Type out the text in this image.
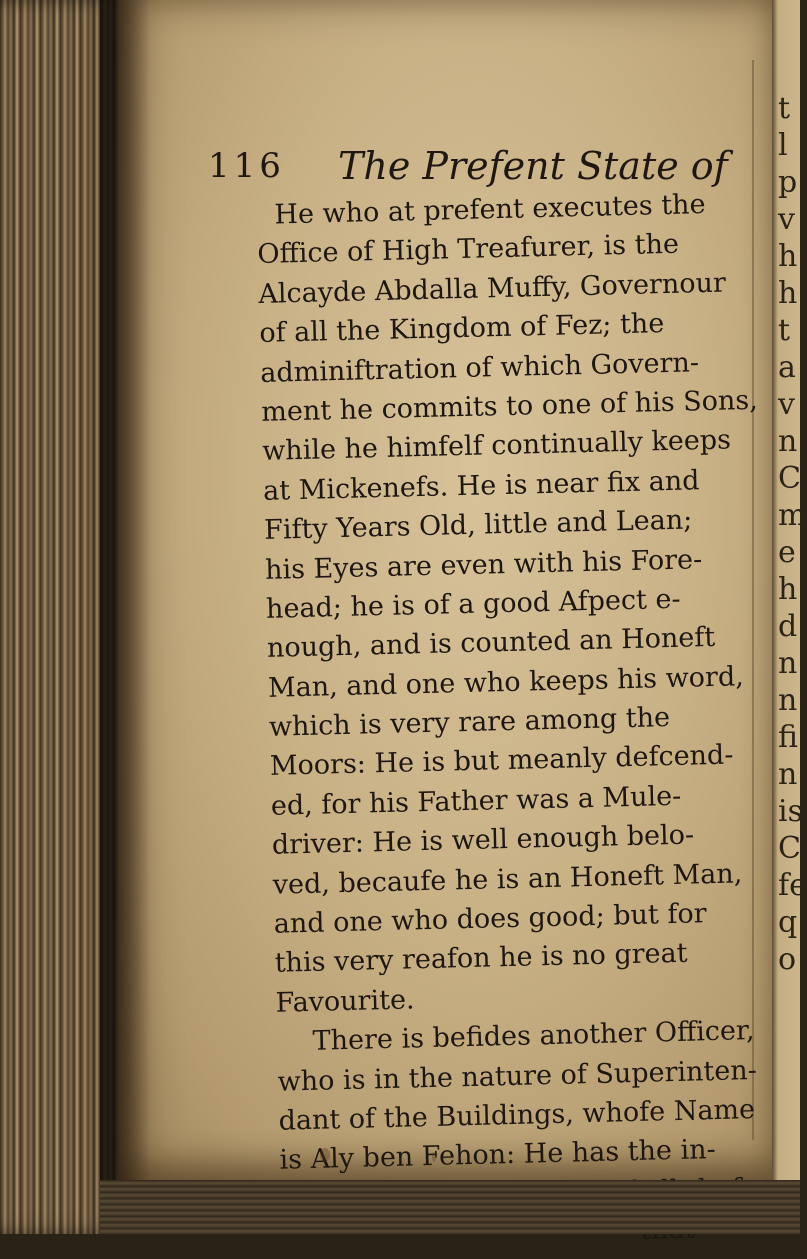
t
l
p
v
h
h
t
a
v
n
C
m
e
h
d
n
n
fi
n
is
C
fe
q
o
116 The Prefent State of
He who at prefent executes the
Office of High Treafurer, is the
Alcayde Abdalla Muffy, Governour
of all the Kingdom of Fez; the
adminiftration of which Govern-
ment he commits to one of his Sons,
while he himfelf continually keeps
at Mickenefs. He is near fix and
Fifty Years Old, little and Lean;
his Eyes are even with his Fore-
head; he is of a good Afpect e-
nough, and is counted an Honeft
Man, and one who keeps his word,
which is very rare among the
Moors: He is but meanly defcend-
ed, for his Father was a Mule-
driver: He is well enough belo-
ved, becaufe he is an Honeft Man,
and one who does good; but for
this very reafon he is no great
Favourite.
There is befides another Officer,
who is in the nature of Superinten-
dant of the Buildings, whofe Name
is Aly ben Fehon: He has the in-
